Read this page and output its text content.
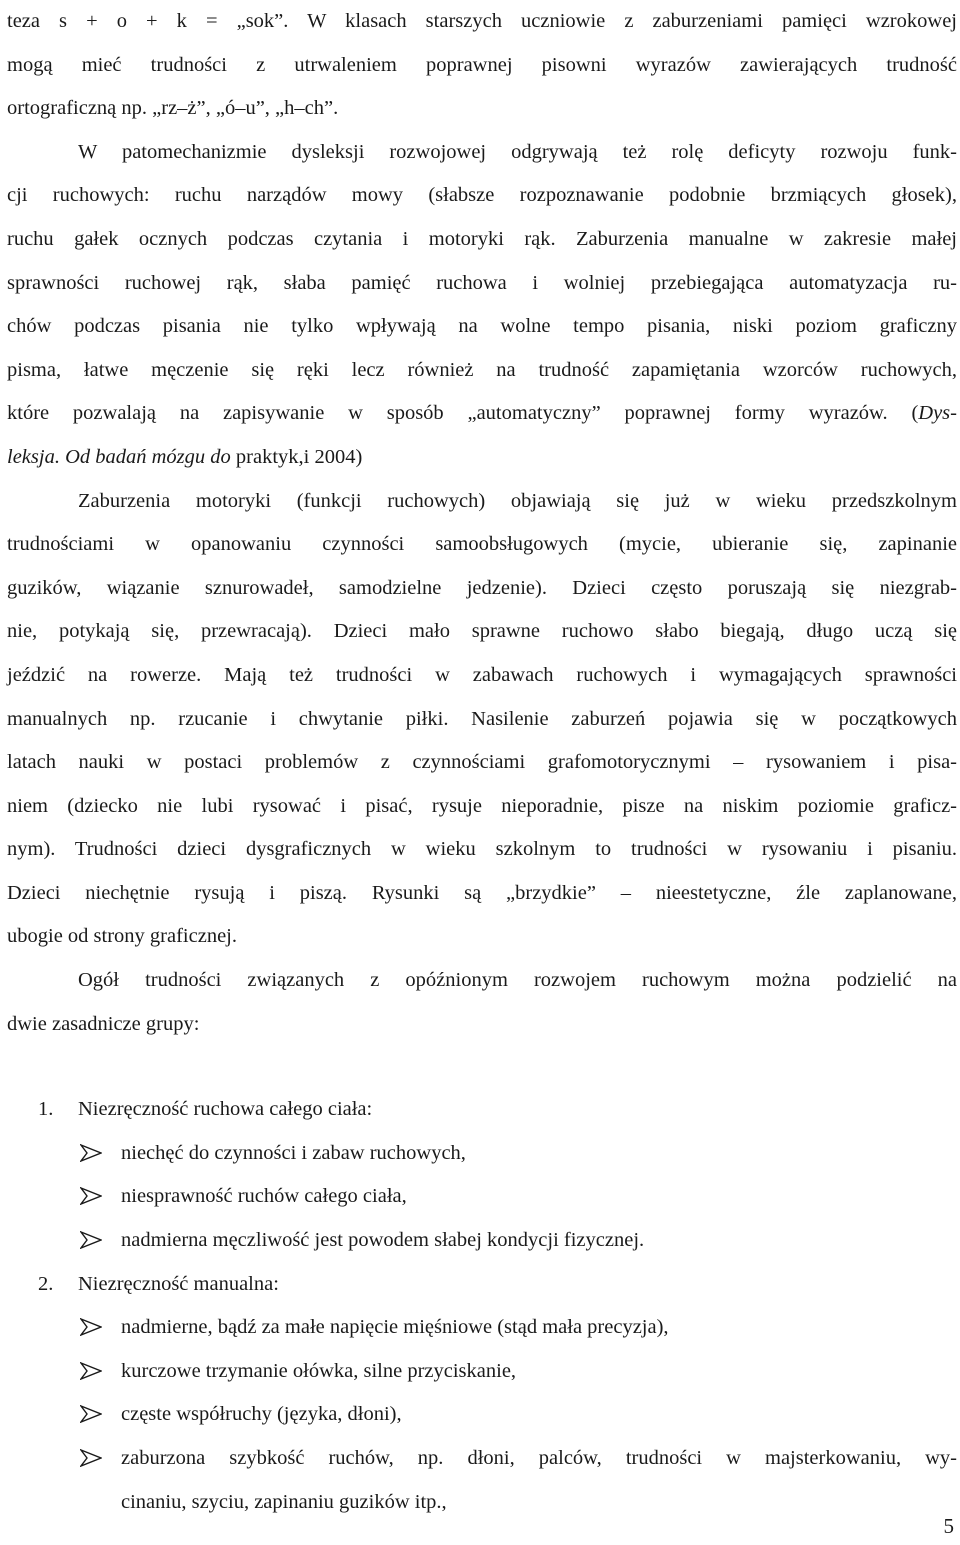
teza s + o + k = „sok”. W klasach starszych uczniowie z zaburzeniami pamięci wzrokowej
mogą mieć trudności z utrwaleniem poprawnej pisowni wyrazów zawierających trudność
ortograficzną np. „rz–ż”, „ó–u”, „h–ch”.
W patomechanizmie dysleksji rozwojowej odgrywają też rolę deficyty rozwoju funk-
cji ruchowych: ruchu narządów mowy (słabsze rozpoznawanie podobnie brzmiących głosek),
ruchu gałek ocznych podczas czytania i motoryki rąk. Zaburzenia manualne w zakresie małej
sprawności ruchowej rąk, słaba pamięć ruchowa i wolniej przebiegająca automatyzacja ru-
chów podczas pisania nie tylko wpływają na wolne tempo pisania, niski poziom graficzny
pisma, łatwe męczenie się ręki lecz również na trudność zapamiętania wzorców ruchowych,
które pozwalają na zapisywanie w sposób „automatyczny” poprawnej formy wyrazów. (Dys-
leksja. Od badań mózgu do praktyk,i 2004)
Zaburzenia motoryki (funkcji ruchowych) objawiają się już w wieku przedszkolnym
trudnościami w opanowaniu czynności samoobsługowych (mycie, ubieranie się, zapinanie
guzików, wiązanie sznurowadeł, samodzielne jedzenie). Dzieci często poruszają się niezgrab-
nie, potykają się, przewracają). Dzieci mało sprawne ruchowo słabo biegają, długo uczą się
jeździć na rowerze. Mają też trudności w zabawach ruchowych i wymagających sprawności
manualnych np. rzucanie i chwytanie piłki. Nasilenie zaburzeń pojawia się w początkowych
latach nauki w postaci problemów z czynnościami grafomotorycznymi – rysowaniem i pisa-
niem (dziecko nie lubi rysować i pisać, rysuje nieporadnie, pisze na niskim poziomie graficz-
nym). Trudności dzieci dysgraficznych w wieku szkolnym to trudności w rysowaniu i pisaniu.
Dzieci niechętnie rysują i piszą. Rysunki są „brzydkie” – nieestetyczne, źle zaplanowane,
ubogie od strony graficznej.
Ogół trudności związanych z opóźnionym rozwojem ruchowym można podzielić na
dwie zasadnicze grupy:
1. Niezręczność ruchowa całego ciała:
niechęć do czynności i zabaw ruchowych,
niesprawność ruchów całego ciała,
nadmierna męczliwość jest powodem słabej kondycji fizycznej.
2. Niezręczność manualna:
nadmierne, bądź za małe napięcie mięśniowe (stąd mała precyzja),
kurczowe trzymanie ołówka, silne przyciskanie,
częste współruchy (języka, dłoni),
zaburzona szybkość ruchów, np. dłoni, palców, trudności w majsterkowaniu, wy-
cinaniu, szyciu, zapinaniu guzików itp.,
5
